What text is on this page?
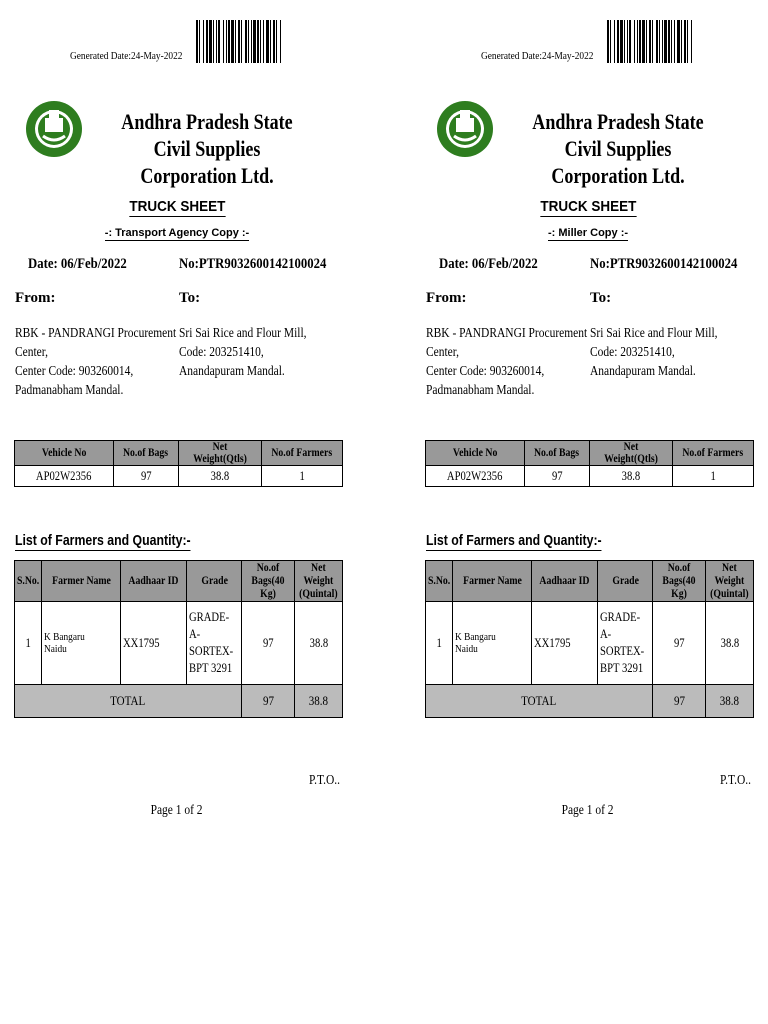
Generated Date:24-May-2022
Andhra Pradesh State Civil Supplies
Corporation Ltd.
TRUCK SHEET
-: Transport Agency Copy :-
Date: 06/Feb/2022	No:PTR9032600142100024
From:	To:
RBK - PANDRANGI Procurement
Center,
Center Code: 903260014,
Padmanabham Mandal.
Sri Sai Rice and Flour Mill,
Code: 203251410,
Anandapuram Mandal.
Vehicle No	No.of Bags	Net Weight(Qtls)	No.of Farmers
AP02W2356	97	38.8	1
List of Farmers and Quantity:-
S.No.	Farmer Name	Aadhaar ID	Grade	No.of
Bags(40 Kg)	Net Weight
(Quintal)
1	K Bangaru Naidu	XX1795	GRADE-
A-
SORTEX-
BPT 3291	97	38.8
TOTAL				97	38.8
P.T.O..
Page 1 of 2
Generated Date:24-May-2022
Andhra Pradesh State Civil Supplies
Corporation Ltd.
TRUCK SHEET
-: Miller Copy :-
Date: 06/Feb/2022	No:PTR9032600142100024
From:	To:
RBK - PANDRANGI Procurement
Center,
Center Code: 903260014,
Padmanabham Mandal.
Sri Sai Rice and Flour Mill,
Code: 203251410,
Anandapuram Mandal.
Vehicle No	No.of Bags	Net Weight(Qtls)	No.of Farmers
AP02W2356	97	38.8	1
List of Farmers and Quantity:-
S.No.	Farmer Name	Aadhaar ID	Grade	No.of
Bags(40 Kg)	Net Weight
(Quintal)
1	K Bangaru Naidu	XX1795	GRADE-
A-
SORTEX-
BPT 3291	97	38.8
TOTAL				97	38.8
P.T.O..
Page 1 of 2
